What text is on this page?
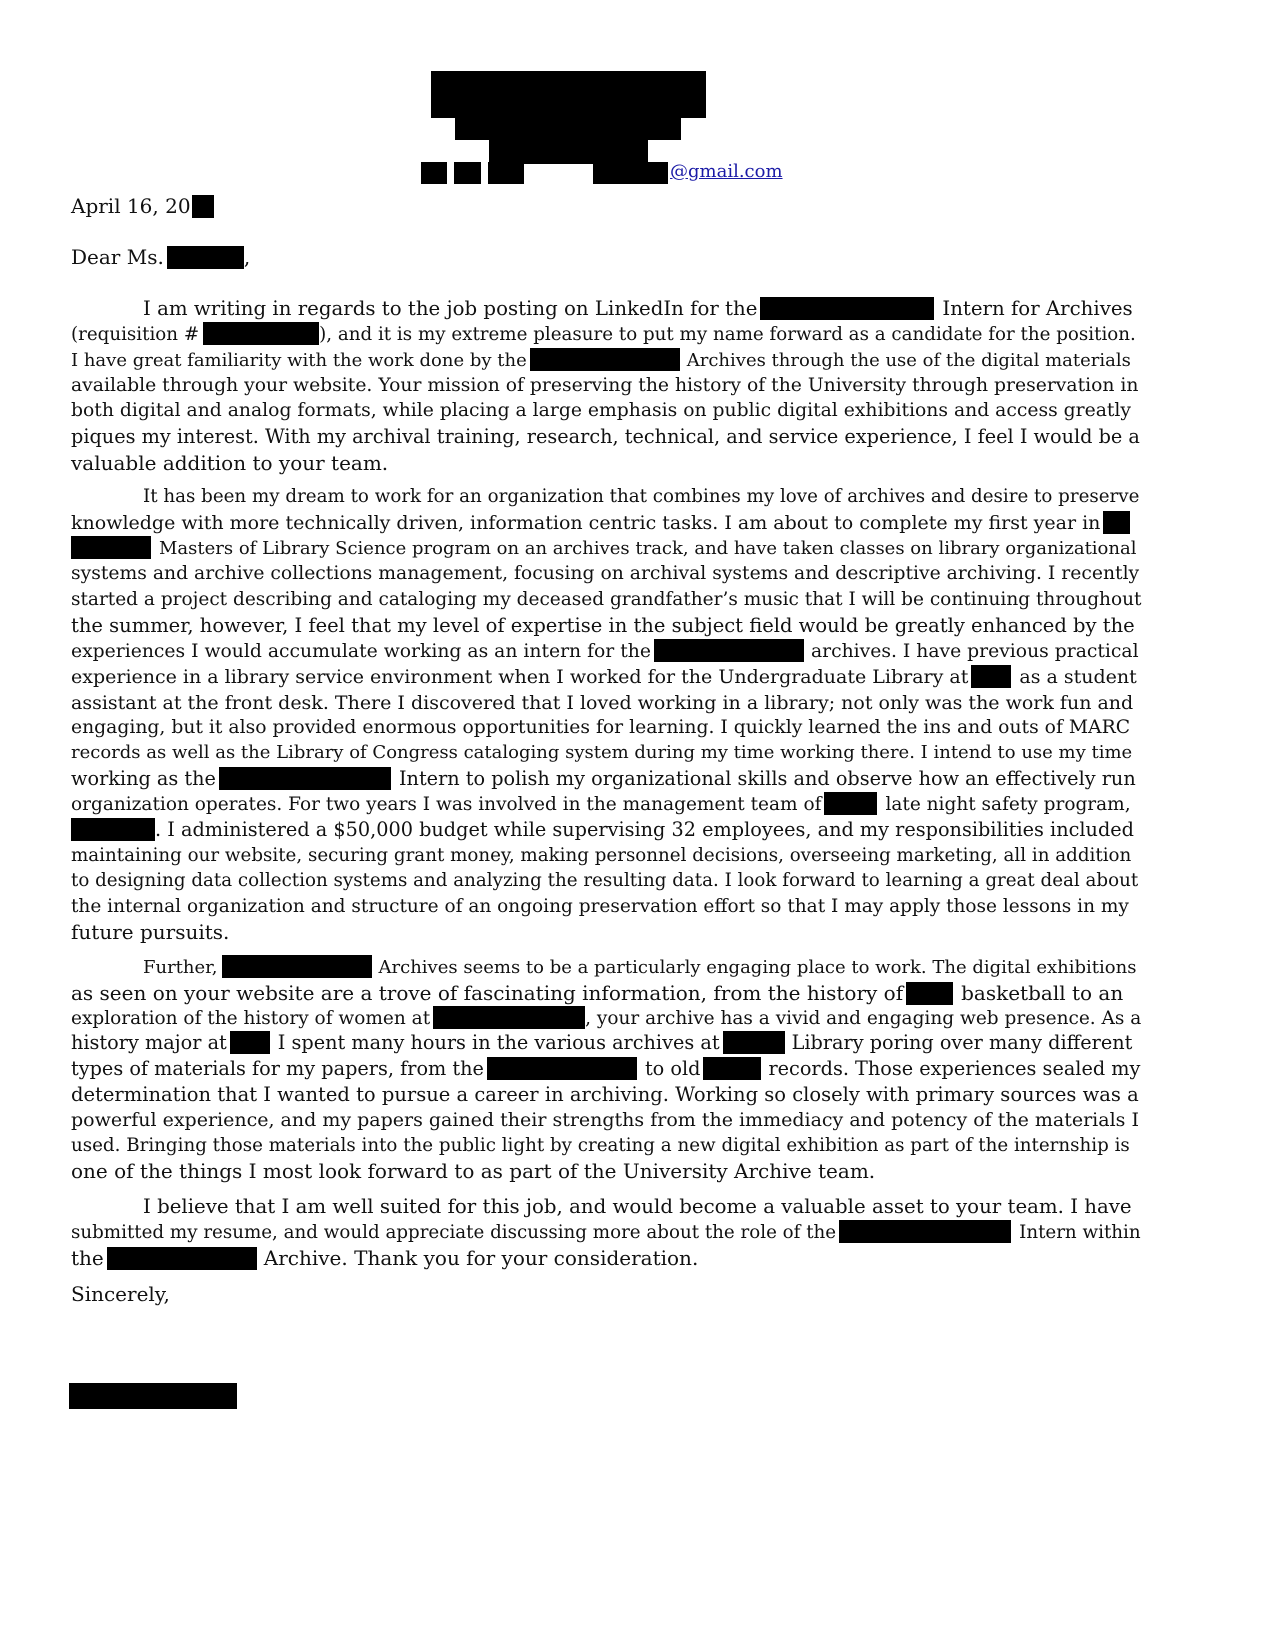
@gmail.com
April 16, 20
Dear Ms.	,
I am writing in regards to the job posting on LinkedIn for the	Intern for Archives
(requisition #	), and it is my extreme pleasure to put my name forward as a candidate for the position.
I have great familiarity with the work done by the	Archives through the use of the digital materials
available through your website. Your mission of preserving the history of the University through preservation in
both digital and analog formats, while placing a large emphasis on public digital exhibitions and access greatly
piques my interest. With my archival training, research, technical, and service experience, I feel I would be a
valuable addition to your team.
It has been my dream to work for an organization that combines my love of archives and desire to preserve
knowledge with more technically driven, information centric tasks. I am about to complete my first year in
Masters of Library Science program on an archives track, and have taken classes on library organizational
systems and archive collections management, focusing on archival systems and descriptive archiving. I recently
started a project describing and cataloging my deceased grandfather’s music that I will be continuing throughout
the summer, however, I feel that my level of expertise in the subject field would be greatly enhanced by the
experiences I would accumulate working as an intern for the	archives. I have previous practical
experience in a library service environment when I worked for the Undergraduate Library at	as a student
assistant at the front desk. There I discovered that I loved working in a library; not only was the work fun and
engaging, but it also provided enormous opportunities for learning. I quickly learned the ins and outs of MARC
records as well as the Library of Congress cataloging system during my time working there. I intend to use my time
working as the	Intern to polish my organizational skills and observe how an effectively run
organization operates. For two years I was involved in the management team of	late night safety program,
. I administered a $50,000 budget while supervising 32 employees, and my responsibilities included
maintaining our website, securing grant money, making personnel decisions, overseeing marketing, all in addition
to designing data collection systems and analyzing the resulting data. I look forward to learning a great deal about
the internal organization and structure of an ongoing preservation effort so that I may apply those lessons in my
future pursuits.
Further,	Archives seems to be a particularly engaging place to work. The digital exhibitions
as seen on your website are a trove of fascinating information, from the history of	basketball to an
exploration of the history of women at	, your archive has a vivid and engaging web presence. As a
history major at	I spent many hours in the various archives at	Library poring over many different
types of materials for my papers, from the	to old	records. Those experiences sealed my
determination that I wanted to pursue a career in archiving. Working so closely with primary sources was a
powerful experience, and my papers gained their strengths from the immediacy and potency of the materials I
used. Bringing those materials into the public light by creating a new digital exhibition as part of the internship is
one of the things I most look forward to as part of the University Archive team.
I believe that I am well suited for this job, and would become a valuable asset to your team. I have
submitted my resume, and would appreciate discussing more about the role of the	Intern within
the	Archive. Thank you for your consideration.
Sincerely,
